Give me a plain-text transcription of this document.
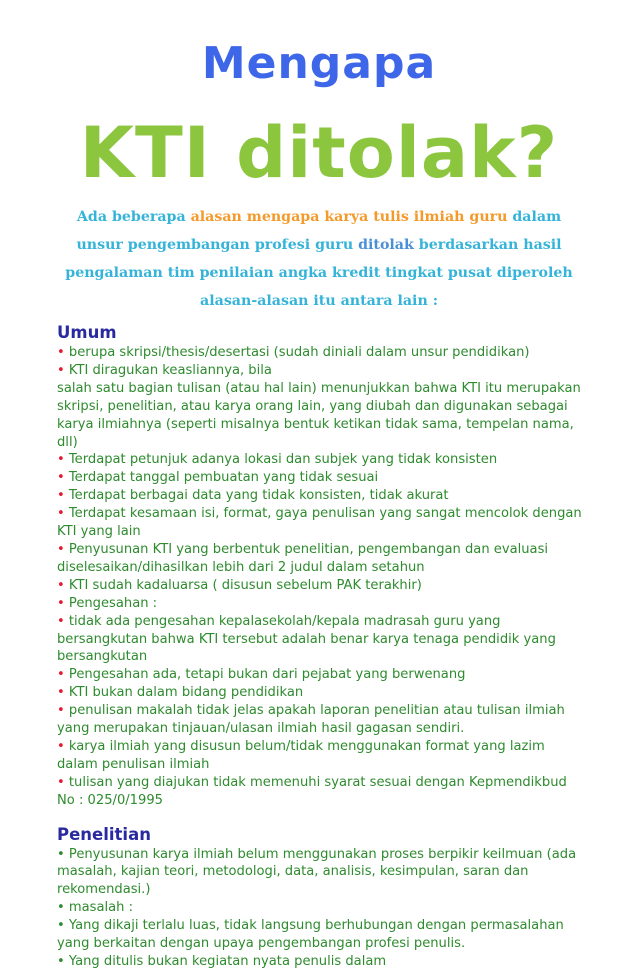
Mengapa
KTI ditolak?
Ada beberapa alasan mengapa karya tulis ilmiah guru dalam unsur pengembangan profesi guru ditolak berdasarkan hasil pengalaman tim penilaian angka kredit tingkat pusat diperoleh alasan-alasan itu antara lain :
Umum
• berupa skripsi/thesis/desertasi (sudah diniali dalam unsur pendidikan)
• KTI diragukan keasliannya, bila
salah satu bagian tulisan (atau hal lain) menunjukkan bahwa KTI itu merupakan skripsi, penelitian, atau karya orang lain, yang diubah dan digunakan sebagai karya ilmiahnya (seperti misalnya bentuk ketikan tidak sama, tempelan nama, dll)
• Terdapat petunjuk adanya lokasi dan subjek yang tidak konsisten
• Terdapat tanggal pembuatan yang tidak sesuai
• Terdapat berbagai data yang tidak konsisten, tidak akurat
• Terdapat kesamaan isi, format, gaya penulisan yang sangat mencolok dengan KTI yang lain
• Penyusunan KTI yang berbentuk penelitian, pengembangan dan evaluasi diselesaikan/dihasilkan lebih dari 2 judul dalam setahun
• KTI sudah kadaluarsa ( disusun sebelum PAK terakhir)
• Pengesahan :
• tidak ada pengesahan kepalasekolah/kepala madrasah guru yang bersangkutan bahwa KTI tersebut adalah benar karya tenaga pendidik yang bersangkutan
• Pengesahan ada, tetapi bukan dari pejabat yang berwenang
• KTI bukan dalam bidang pendidikan
• penulisan makalah tidak jelas apakah laporan penelitian atau tulisan ilmiah yang merupakan tinjauan/ulasan ilmiah hasil gagasan sendiri.
• karya ilmiah yang disusun belum/tidak menggunakan format yang lazim dalam penulisan ilmiah
• tulisan yang diajukan tidak memenuhi syarat sesuai dengan Kepmendikbud No : 025/0/1995
Penelitian
• Penyusunan karya ilmiah belum menggunakan proses berpikir keilmuan (ada masalah, kajian teori, metodologi, data, analisis, kesimpulan, saran dan rekomendasi.)
• masalah :
• Yang dikaji terlalu luas, tidak langsung berhubungan dengan permasalahan yang berkaitan dengan upaya pengembangan profesi penulis.
• Yang ditulis bukan kegiatan nyata penulis dalam
